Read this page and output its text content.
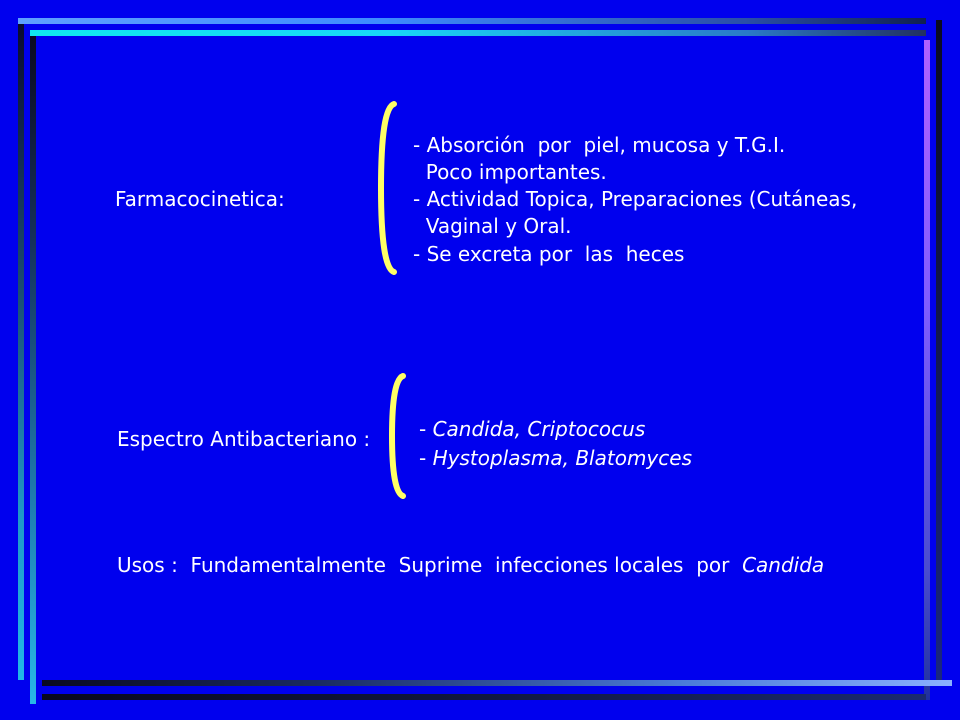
Farmacocinetica:
- Absorción  por  piel, mucosa y T.G.I.
Poco importantes.
- Actividad Topica, Preparaciones (Cutáneas,
Vaginal y Oral.
- Se excreta por  las  heces
Espectro Antibacteriano : - Candida, Criptococus
- Hystoplasma, Blatomyces
Usos : Fundamentalmente  Suprime  infecciones locales  por Candida
